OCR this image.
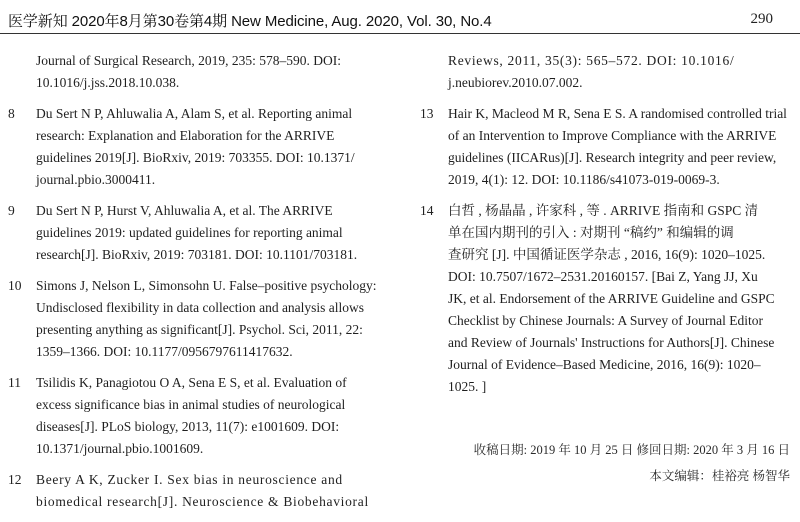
医学新知 2020年8月第30卷第4期 New Medicine, Aug. 2020, Vol. 30, No.4	290
Journal of Surgical Research, 2019, 235: 578–590. DOI:
10.1016/j.jss.2018.10.038.
8	Du Sert N P, Ahluwalia A, Alam S, et al. Reporting animal
research: Explanation and Elaboration for the ARRIVE
guidelines 2019[J]. BioRxiv, 2019: 703355. DOI: 10.1371/
journal.pbio.3000411.
9	Du Sert N P, Hurst V, Ahluwalia A, et al. The ARRIVE
guidelines 2019: updated guidelines for reporting animal
research[J]. BioRxiv, 2019: 703181. DOI: 10.1101/703181.
10	Simons J, Nelson L, Simonsohn U. False–positive psychology:
Undisclosed flexibility in data collection and analysis allows
presenting anything as significant[J]. Psychol. Sci, 2011, 22:
1359–1366. DOI: 10.1177/0956797611417632.
11	Tsilidis K, Panagiotou O A, Sena E S, et al. Evaluation of
excess significance bias in animal studies of neurological
diseases[J]. PLoS biology, 2013, 11(7): e1001609. DOI:
10.1371/journal.pbio.1001609.
12	Beery A K, Zucker I. Sex bias in neuroscience and
biomedical research[J]. Neuroscience & Biobehavioral
Reviews, 2011, 35(3): 565–572. DOI: 10.1016/
j.neubiorev.2010.07.002.
13	Hair K, Macleod M R, Sena E S. A randomised controlled trial
of an Intervention to Improve Compliance with the ARRIVE
guidelines (IICARus)[J]. Research integrity and peer review,
2019, 4(1): 12. DOI: 10.1186/s41073-019-0069-3.
14	白哲 , 杨晶晶 , 许家科 , 等 . ARRIVE 指南和 GSPC 清
单在国内期刊的引入 : 对期刊 “稿约” 和编辑的调
查研究 [J]. 中国循证医学杂志 , 2016, 16(9): 1020–1025.
DOI: 10.7507/1672–2531.20160157. [Bai Z, Yang JJ, Xu
JK, et al. Endorsement of the ARRIVE Guideline and GSPC
Checklist by Chinese Journals: A Survey of Journal Editor
and Review of Journals' Instructions for Authors[J]. Chinese
Journal of Evidence–Based Medicine, 2016, 16(9): 1020–
1025. ]
收稿日期: 2019 年 10 月 25 日 修回日期: 2020 年 3 月 16 日
本文编辑：桂裕亮 杨智华
